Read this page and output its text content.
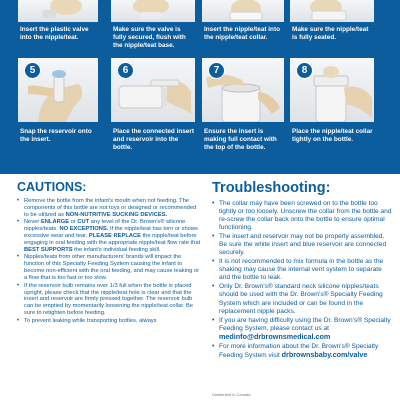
Insert the plastic valve into the nipple/teat.
Make sure the valve is fully secured, flush with the nipple/teat base.
Insert the nipple/teat into the nipple/teat collar.
Make sure the nipple/teat is fully seated.
5
Snap the reservoir onto the insert.
6
Place the connected insert and reservoir into the bottle.
7
Ensure the insert is making full contact with the top of the bottle.
8
Place the nipple/teat collar tightly on the bottle.
CAUTIONS:
• Remove the bottle from the infant's mouth when not feeding. The components of this bottle are not toys or designed or recommended to be utilized as NON-NUTRITIVE SUCKING DEVICES.
• Never ENLARGE or CUT any level of the Dr. Brown's® silicone nipples/teats. NO EXCEPTIONS. If the nipple/teat has torn or shows excessive wear and tear, PLEASE REPLACE the nipple/teat before engaging in oral feeding with the appropriate nipple/teat flow rate that BEST SUPPORTS the infant's individual feeding skill.
• Nipples/teats from other manufacturers' brands will impact the function of this Specialty Feeding System causing the infant to become non-efficient with the oral feeding, and may cause leaking or a flow that is too fast or too slow.
• If the reservoir bulb remains over 1/3 full when the bottle is placed upright, please check that the nipple/teat hole is clear and that the insert and reservoir are firmly pressed together. The reservoir bulb can be emptied by momentarily loosening the nipple/teat collar. Be sure to retighten before feeding.
• To prevent leaking while transporting bottles, always
Troubleshooting:
• The collar may have been screwed on to the bottle too tightly or too loosely. Unscrew the collar from the bottle and re-screw the collar back onto the bottle to ensure optimal functioning.
• The insert and reservoir may not be properly assembled. Be sure the white insert and blue reservoir are connected securely.
• It is not recommended to mix formula in the bottle as the shaking may cause the internal vent system to separate and the bottle to leak.
• Only Dr. Brown's® standard neck silicone nipples/teats should be used with the Dr. Brown's® Specialty Feeding System which are included or can be found in the replacement nipple packs.
• If you are having difficulty using the Dr. Brown's® Specialty Feeding System, please contact us at medinfo@drbrownsmedical.com
• For more information about the Dr. Brown's® Specialty Feeding System visit drbrownsbaby.com/valve
Distributed in Canada
